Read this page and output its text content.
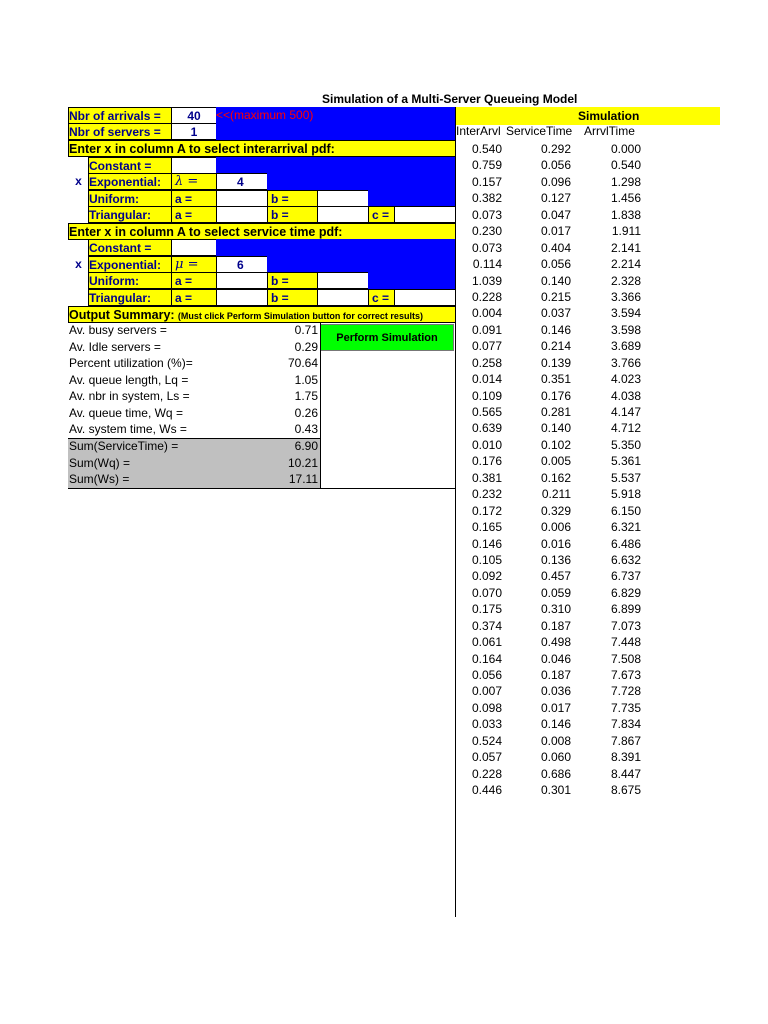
Simulation of a Multi-Server Queueing Model
Nbr of arrivals =	40	<<(maximum 500)
Nbr of servers =	1
Enter x in column A to select interarrival pdf:
Constant =
x Exponential:	λ =	4
Uniform:	a =	b =
Triangular:	a =	b =	c =
Enter x in column A to select service time pdf:
Constant =
x Exponential:	μ =	6
Uniform:	a =	b =
Triangular:	a =	b =	c =
Output Summary: (Must click Perform Simulation button for correct results)
Av. busy servers =	0.71
Av. Idle servers =	0.29
Percent utilization (%)=	70.64
Av. queue length, Lq =	1.05
Av. nbr in system, Ls =	1.75
Av. queue time, Wq =	0.26
Av. system time, Ws =	0.43
Sum(ServiceTime) =	6.90
Sum(Wq) =	10.21
Sum(Ws) =	17.11
Perform Simulation
Simulation
InterArvl ServiceTime ArrvlTime
0.540	0.292	0.000
0.759	0.056	0.540
0.157	0.096	1.298
0.382	0.127	1.456
0.073	0.047	1.838
0.230	0.017	1.911
0.073	0.404	2.141
0.114	0.056	2.214
1.039	0.140	2.328
0.228	0.215	3.366
0.004	0.037	3.594
0.091	0.146	3.598
0.077	0.214	3.689
0.258	0.139	3.766
0.014	0.351	4.023
0.109	0.176	4.038
0.565	0.281	4.147
0.639	0.140	4.712
0.010	0.102	5.350
0.176	0.005	5.361
0.381	0.162	5.537
0.232	0.211	5.918
0.172	0.329	6.150
0.165	0.006	6.321
0.146	0.016	6.486
0.105	0.136	6.632
0.092	0.457	6.737
0.070	0.059	6.829
0.175	0.310	6.899
0.374	0.187	7.073
0.061	0.498	7.448
0.164	0.046	7.508
0.056	0.187	7.673
0.007	0.036	7.728
0.098	0.017	7.735
0.033	0.146	7.834
0.524	0.008	7.867
0.057	0.060	8.391
0.228	0.686	8.447
0.446	0.301	8.675
